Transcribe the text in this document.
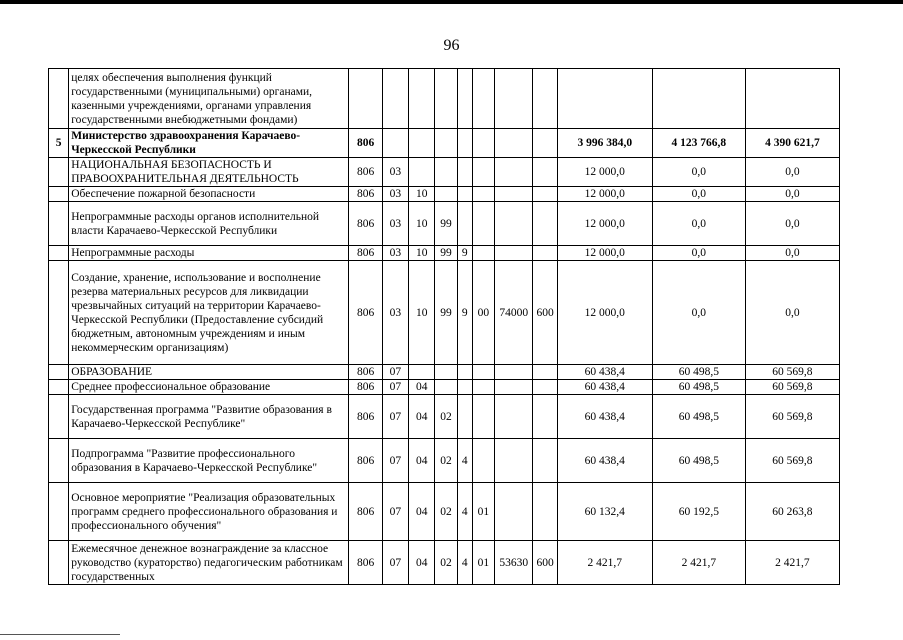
96
	целях обеспечения выполнения функций государственными (муниципальными) органами, казенными учреждениями, органами управления государственными внебюджетными фондами)											
5	Министерство здравоохранения Карачаево-Черкесской Республики	806								3 996 384,0	4 123 766,8	4 390 621,7
	НАЦИОНАЛЬНАЯ БЕЗОПАСНОСТЬ И ПРАВООХРАНИТЕЛЬНАЯ ДЕЯТЕЛЬНОСТЬ	806	03							12 000,0	0,0	0,0
	Обеспечение пожарной безопасности	806	03	10						12 000,0	0,0	0,0
	Непрограммные расходы органов исполнительной власти Карачаево-Черкесской Республики	806	03	10	99					12 000,0	0,0	0,0
	Непрограммные расходы	806	03	10	99	9				12 000,0	0,0	0,0
	Создание, хранение, использование и восполнение резерва материальных ресурсов для ликвидации чрезвычайных ситуаций на территории Карачаево-Черкесской Республики (Предоставление субсидий бюджетным, автономным учреждениям и иным некоммерческим организациям)	806	03	10	99	9	00	74000	600	12 000,0	0,0	0,0
	ОБРАЗОВАНИЕ	806	07							60 438,4	60 498,5	60 569,8
	Среднее профессиональное образование	806	07	04						60 438,4	60 498,5	60 569,8
	Государственная программа "Развитие образования в Карачаево-Черкесской Республике"	806	07	04	02					60 438,4	60 498,5	60 569,8
	Подпрограмма "Развитие профессионального образования в Карачаево-Черкесской Республике"	806	07	04	02	4				60 438,4	60 498,5	60 569,8
	Основное мероприятие "Реализация образовательных программ среднего профессионального образования и профессионального обучения"	806	07	04	02	4	01			60 132,4	60 192,5	60 263,8
	Ежемесячное денежное вознаграждение за классное руководство (кураторство) педагогическим работникам государственных	806	07	04	02	4	01	53630	600	2 421,7	2 421,7	2 421,7
